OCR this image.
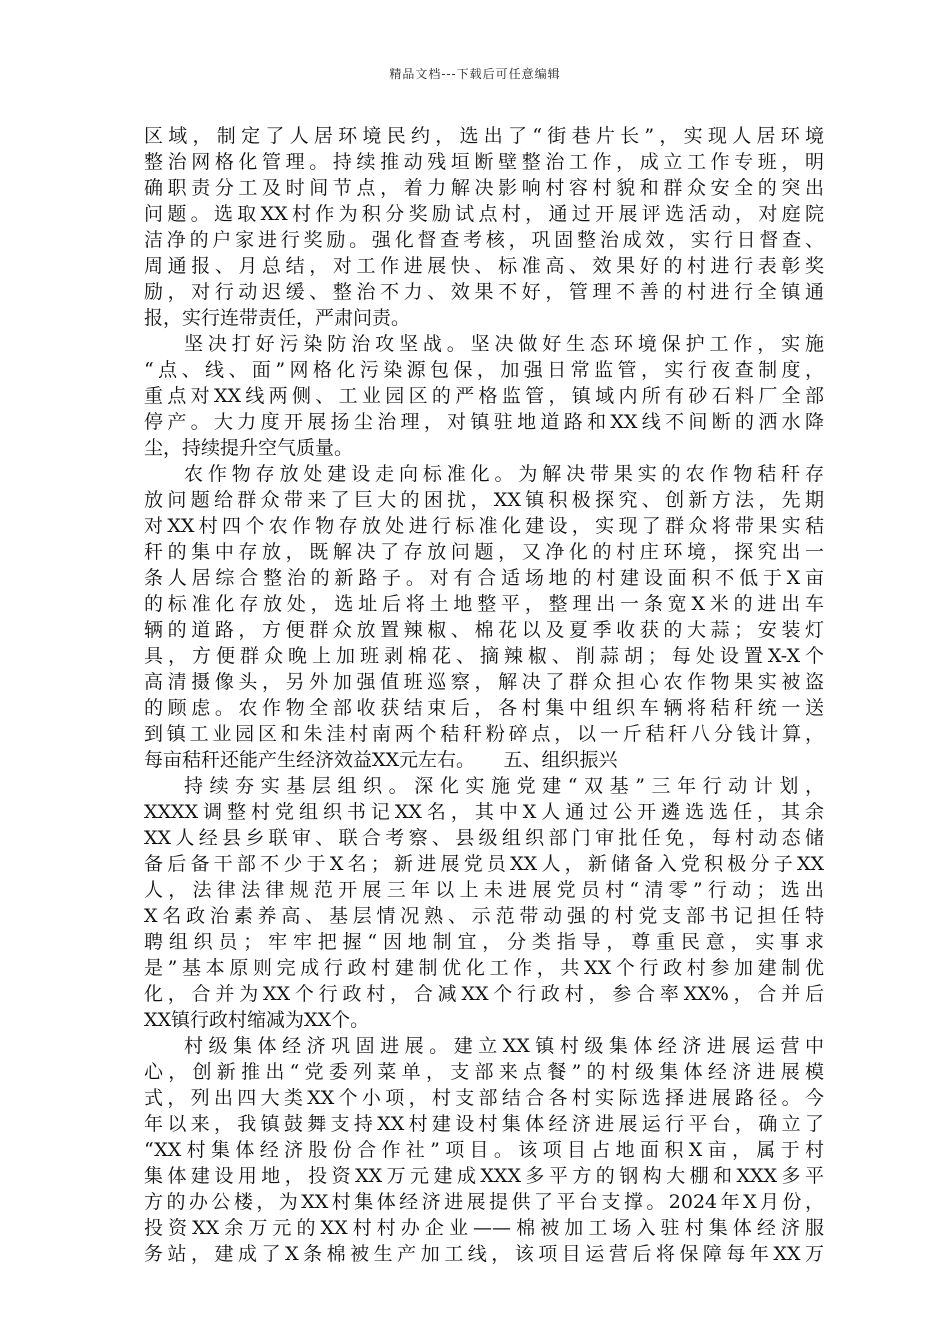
精品文档---下载后可任意编辑
区域，制定了人居环境民约，选出了“街巷片长”，实现人居环境
整治网格化管理。持续推动残垣断壁整治工作，成立工作专班，明
确职责分工及时间节点，着力解决影响村容村貌和群众安全的突出
问题。选取XX村作为积分奖励试点村，通过开展评选活动，对庭院
洁净的户家进行奖励。强化督查考核，巩固整治成效，实行日督查、
周通报、月总结，对工作进展快、标准高、效果好的村进行表彰奖
励，对行动迟缓、整治不力、效果不好，管理不善的村进行全镇通
报，实行连带责任，严肃问责。
坚决打好污染防治攻坚战。坚决做好生态环境保护工作，实施
“点、线、面”网格化污染源包保，加强日常监管，实行夜查制度，
重点对XX线两侧、工业园区的严格监管，镇域内所有砂石料厂全部
停产。大力度开展扬尘治理，对镇驻地道路和XX线不间断的洒水降
尘，持续提升空气质量。
农作物存放处建设走向标准化。为解决带果实的农作物秸秆存
放问题给群众带来了巨大的困扰，XX镇积极探究、创新方法，先期
对XX村四个农作物存放处进行标准化建设，实现了群众将带果实秸
秆的集中存放，既解决了存放问题，又净化的村庄环境，探究出一
条人居综合整治的新路子。对有合适场地的村建设面积不低于X亩
的标准化存放处，选址后将土地整平，整理出一条宽X米的进出车
辆的道路，方便群众放置辣椒、棉花以及夏季收获的大蒜；安装灯
具，方便群众晚上加班剥棉花、摘辣椒、削蒜胡；每处设置X-X个
高清摄像头，另外加强值班巡察，解决了群众担心农作物果实被盗
的顾虑。农作物全部收获结束后，各村集中组织车辆将秸秆统一送
到镇工业园区和朱洼村南两个秸秆粉碎点，以一斤秸秆八分钱计算，
每亩秸秆还能产生经济效益XX元左右。　　五、组织振兴
持续夯实基层组织。深化实施党建“双基”三年行动计划，
XXXX调整村党组织书记XX名，其中X人通过公开遴选选任，其余
XX人经县乡联审、联合考察、县级组织部门审批任免，每村动态储
备后备干部不少于X名；新进展党员XX人，新储备入党积极分子XX
人，法律法律规范开展三年以上未进展党员村“清零”行动；选出
X名政治素养高、基层情况熟、示范带动强的村党支部书记担任特
聘组织员；牢牢把握“因地制宜，分类指导，尊重民意，实事求
是”基本原则完成行政村建制优化工作，共XX个行政村参加建制优
化，合并为XX个行政村，合减XX个行政村，参合率XX%，合并后
XX镇行政村缩减为XX个。
村级集体经济巩固进展。建立XX镇村级集体经济进展运营中
心，创新推出“党委列菜单，支部来点餐”的村级集体经济进展模
式，列出四大类XX个小项，村支部结合各村实际选择进展路径。今
年以来，我镇鼓舞支持XX村建设村集体经济进展运行平台，确立了
“XX村集体经济股份合作社”项目。该项目占地面积X亩，属于村
集体建设用地，投资XX万元建成XXX多平方的钢构大棚和XXX多平
方的办公楼，为XX村集体经济进展提供了平台支撑。2024年X月份，
投资XX余万元的XX村村办企业——棉被加工场入驻村集体经济服
务站，建成了X条棉被生产加工线，该项目运营后将保障每年XX万
